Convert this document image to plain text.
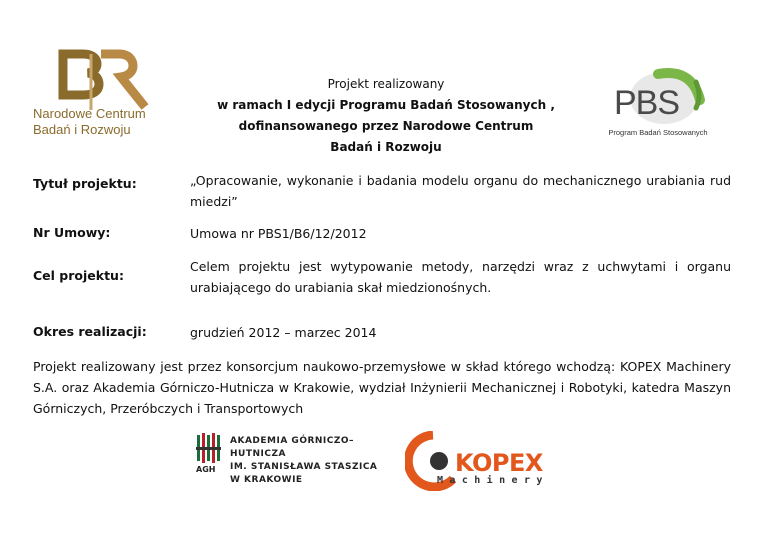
Narodowe Centrum
Badań i Rozwoju
Projekt realizowany
w ramach I edycji Programu Badań Stosowanych ,
dofinansowanego przez Narodowe Centrum
Badań i Rozwoju
PBS
Program Badań Stosowanych
Tytuł projektu:	„Opracowanie, wykonanie i badania modelu organu do mechanicznego urabiania rud miedzi”
Nr Umowy:	Umowa nr PBS1/B6/12/2012
Cel projektu:
Celem projektu jest wytypowanie metody, narzędzi wraz z uchwytami i organu urabiającego do urabiania skał miedzionośnych.
Okres realizacji:	grudzień 2012 – marzec 2014
Projekt realizowany jest przez konsorcjum naukowo-przemysłowe w skład którego wchodzą: KOPEX Machinery S.A. oraz Akademia Górniczo-Hutnicza w Krakowie, wydział Inżynierii Mechanicznej i Robotyki, katedra Maszyn Górniczych, Przeróbczych i Transportowych
AGH
AKADEMIA GÓRNICZO–HUTNICZA
IM. STANISŁAWA STASZICA
W KRAKOWIE
KOPEX
Machinery
